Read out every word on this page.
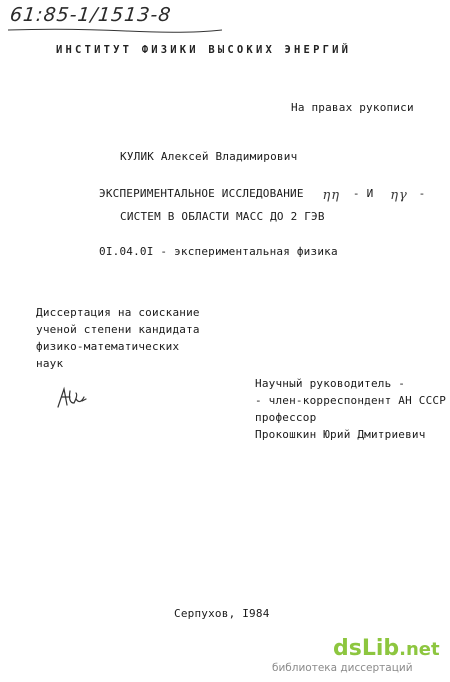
61:85-1/1513-8
ИНСТИТУТ ФИЗИКИ ВЫСОКИХ ЭНЕРГИЙ
На правах рукописи
КУЛИК Алексей Владимирович
ЭКСПЕРИМЕНТАЛЬНОЕ ИССЛЕДОВАНИЕ ηη - И ηγ -
СИСТЕМ В ОБЛАСТИ МАСС ДО 2 ГЭВ
0I.04.0I - экспериментальная физика
Диссертация на соискание
ученой степени кандидата
физико-математических
наук
Научный руководитель -
- член-корреспондент АН СССР
профессор
Прокошкин Юрий Дмитриевич
Серпухов, I984
dsLib.net
библиотека диссертаций
